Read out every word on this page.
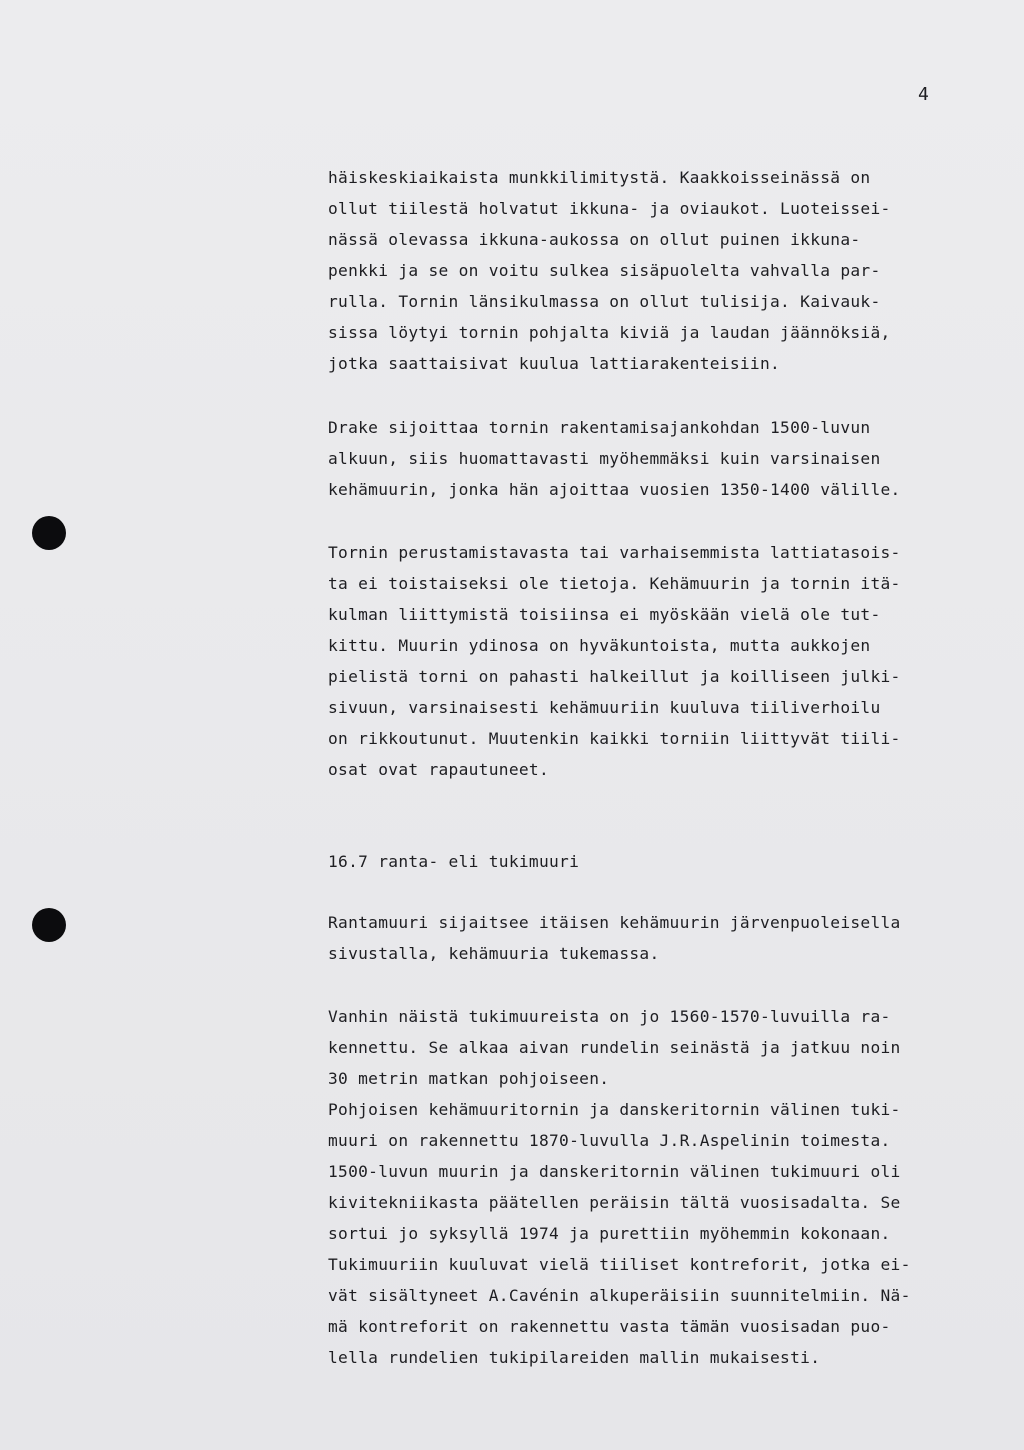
​
4
häiskeskiaikaista munkkilimitystä. Kaakkoisseinässä on
ollut tiilestä holvatut ikkuna- ja oviaukot. Luoteissei-
nässä olevassa ikkuna-aukossa on ollut puinen ikkuna-
penkki ja se on voitu sulkea sisäpuolelta vahvalla par-
rulla. Tornin länsikulmassa on ollut tulisija. Kaivauk-
sissa löytyi tornin pohjalta kiviä ja laudan jäännöksiä,
jotka saattaisivat kuulua lattiarakenteisiin.
Drake sijoittaa tornin rakentamisajankohdan 1500-luvun
alkuun, siis huomattavasti myöhemmäksi kuin varsinaisen
kehämuurin, jonka hän ajoittaa vuosien 1350-1400 välille.
Tornin perustamistavasta tai varhaisemmista lattiatasois-
ta ei toistaiseksi ole tietoja. Kehämuurin ja tornin itä-
kulman liittymistä toisiinsa ei myöskään vielä ole tut-
kittu. Muurin ydinosa on hyväkuntoista, mutta aukkojen
pielistä torni on pahasti halkeillut ja koilliseen julki-
sivuun, varsinaisesti kehämuuriin kuuluva tiiliverhoilu
on rikkoutunut. Muutenkin kaikki torniin liittyvät tiili-
osat ovat rapautuneet.
16.7 ranta- eli tukimuuri
Rantamuuri sijaitsee itäisen kehämuurin järvenpuoleisella
sivustalla, kehämuuria tukemassa.
Vanhin näistä tukimuureista on jo 1560-1570-luvuilla ra-
kennettu. Se alkaa aivan rundelin seinästä ja jatkuu noin
30 metrin matkan pohjoiseen.
Pohjoisen kehämuuritornin ja danskeritornin välinen tuki-
muuri on rakennettu 1870-luvulla J.R.Aspelinin toimesta.
1500-luvun muurin ja danskeritornin välinen tukimuuri oli
kivitekniikasta päätellen peräisin tältä vuosisadalta. Se
sortui jo syksyllä 1974 ja purettiin myöhemmin kokonaan.
Tukimuuriin kuuluvat vielä tiiliset kontreforit, jotka ei-
vät sisältyneet A.Cavénin alkuperäisiin suunnitelmiin. Nä-
mä kontreforit on rakennettu vasta tämän vuosisadan puo-
lella rundelien tukipilareiden mallin mukaisesti.
